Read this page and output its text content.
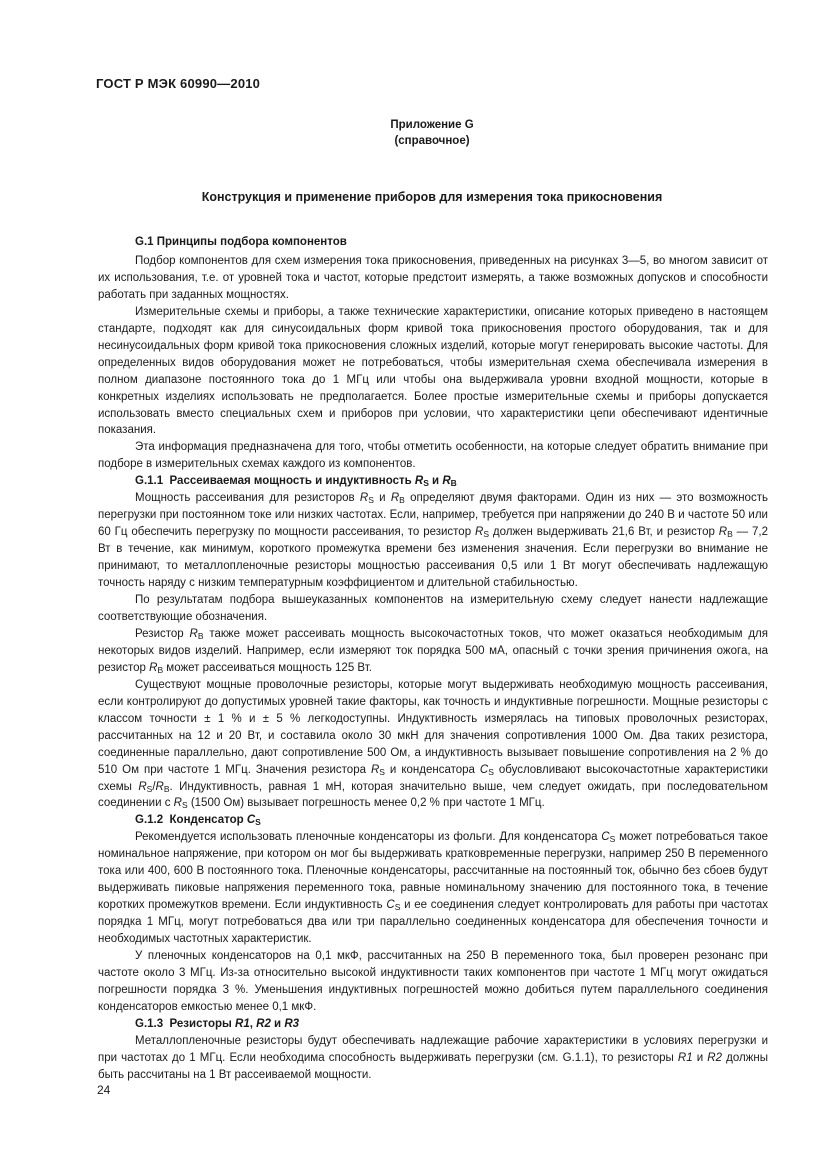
ГОСТ Р МЭК 60990—2010
Приложение G
(справочное)
Конструкция и применение приборов для измерения тока прикосновения
G.1 Принципы подбора компонентов

Подбор компонентов для схем измерения тока прикосновения, приведенных на рисунках 3—5, во многом зависит от их использования, т.е. от уровней тока и частот, которые предстоит измерять, а также возможных допусков и способности работать при заданных мощностях.

Измерительные схемы и приборы, а также технические характеристики, описание которых приведено в настоящем стандарте, подходят как для синусоидальных форм кривой тока прикосновения простого оборудования, так и для несинусоидальных форм кривой тока прикосновения сложных изделий, которые могут генерировать высокие частоты. Для определенных видов оборудования может не потребоваться, чтобы измерительная схема обеспечивала измерения в полном диапазоне постоянного тока до 1 МГц или чтобы она выдерживала уровни входной мощности, которые в конкретных изделиях использовать не предполагается. Более простые измерительные схемы и приборы допускается использовать вместо специальных схем и приборов при условии, что характеристики цепи обеспечивают идентичные показания.

Эта информация предназначена для того, чтобы отметить особенности, на которые следует обратить внимание при подборе в измерительных схемах каждого из компонентов.

G.1.1 Рассеиваемая мощность и индуктивность $R_S$ и $R_B$

Мощность рассеивания для резисторов $R_S$ и $R_B$ определяют двумя факторами. Один из них — это возможность перегрузки при постоянном токе или низких частотах. Если, например, требуется при напряжении до 240 В и частоте 50 или 60 Гц обеспечить перегрузку по мощности рассеивания, то резистор $R_S$ должен выдерживать 21,6 Вт, и резистор $R_B$ — 7,2 Вт в течение, как минимум, короткого промежутка времени без изменения значения. Если перегрузки во внимание не принимают, то металлопленочные резисторы мощностью рассеивания 0,5 или 1 Вт могут обеспечивать надлежащую точность наряду с низким температурным коэффициентом и длительной стабильностью.

По результатам подбора вышеуказанных компонентов на измерительную схему следует нанести надлежащие соответствующие обозначения.

Резистор $R_B$ также может рассеивать мощность высокочастотных токов, что может оказаться необходимым для некоторых видов изделий. Например, если измеряют ток порядка 500 мА, опасный с точки зрения причинения ожога, на резистор $R_B$ может рассеиваться мощность 125 Вт.

Существуют мощные проволочные резисторы, которые могут выдерживать необходимую мощность рассеивания, если контролируют до допустимых уровней такие факторы, как точность и индуктивные погрешности. Мощные резисторы с классом точности ± 1 % и ± 5 % легкодоступны. Индуктивность измерялась на типовых проволочных резисторах, рассчитанных на 12 и 20 Вт, и составила около 30 мкН для значения сопротивления 1000 Ом. Два таких резистора, соединенные параллельно, дают сопротивление 500 Ом, а индуктивность вызывает повышение сопротивления на 2 % до 510 Ом при частоте 1 МГц. Значения резистора $R_S$ и конденсатора $C_S$ обусловливают высокочастотные характеристики схемы $R_S/R_B$. Индуктивность, равная 1 мН, которая значительно выше, чем следует ожидать, при последовательном соединении с $R_S$ (1500 Ом) вызывает погрешность менее 0,2 % при частоте 1 МГц.

G.1.2 Конденсатор $C_S$

Рекомендуется использовать пленочные конденсаторы из фольги. Для конденсатора $C_S$ может потребоваться такое номинальное напряжение, при котором он мог бы выдерживать кратковременные перегрузки, например 250 В переменного тока или 400, 600 В постоянного тока. Пленочные конденсаторы, рассчитанные на постоянный ток, обычно без сбоев будут выдерживать пиковые напряжения переменного тока, равные номинальному значению для постоянного тока, в течение коротких промежутков времени. Если индуктивность $C_S$ и ее соединения следует контролировать для работы при частотах порядка 1 МГц, могут потребоваться два или три параллельно соединенных конденсатора для обеспечения точности и необходимых частотных характеристик.

У пленочных конденсаторов на 0,1 мкФ, рассчитанных на 250 В переменного тока, был проверен резонанс при частоте около 3 МГц. Из-за относительно высокой индуктивности таких компонентов при частоте 1 МГц могут ожидаться погрешности порядка 3 %. Уменьшения индуктивных погрешностей можно добиться путем параллельного соединения конденсаторов емкостью менее 0,1 мкФ.

G.1.3 Резисторы R1, R2 и R3

Металлопленочные резисторы будут обеспечивать надлежащие рабочие характеристики в условиях перегрузки и при частотах до 1 МГц. Если необходима способность выдерживать перегрузки (см. G.1.1), то резисторы R1 и R2 должны быть рассчитаны на 1 Вт рассеиваемой мощности.

24
